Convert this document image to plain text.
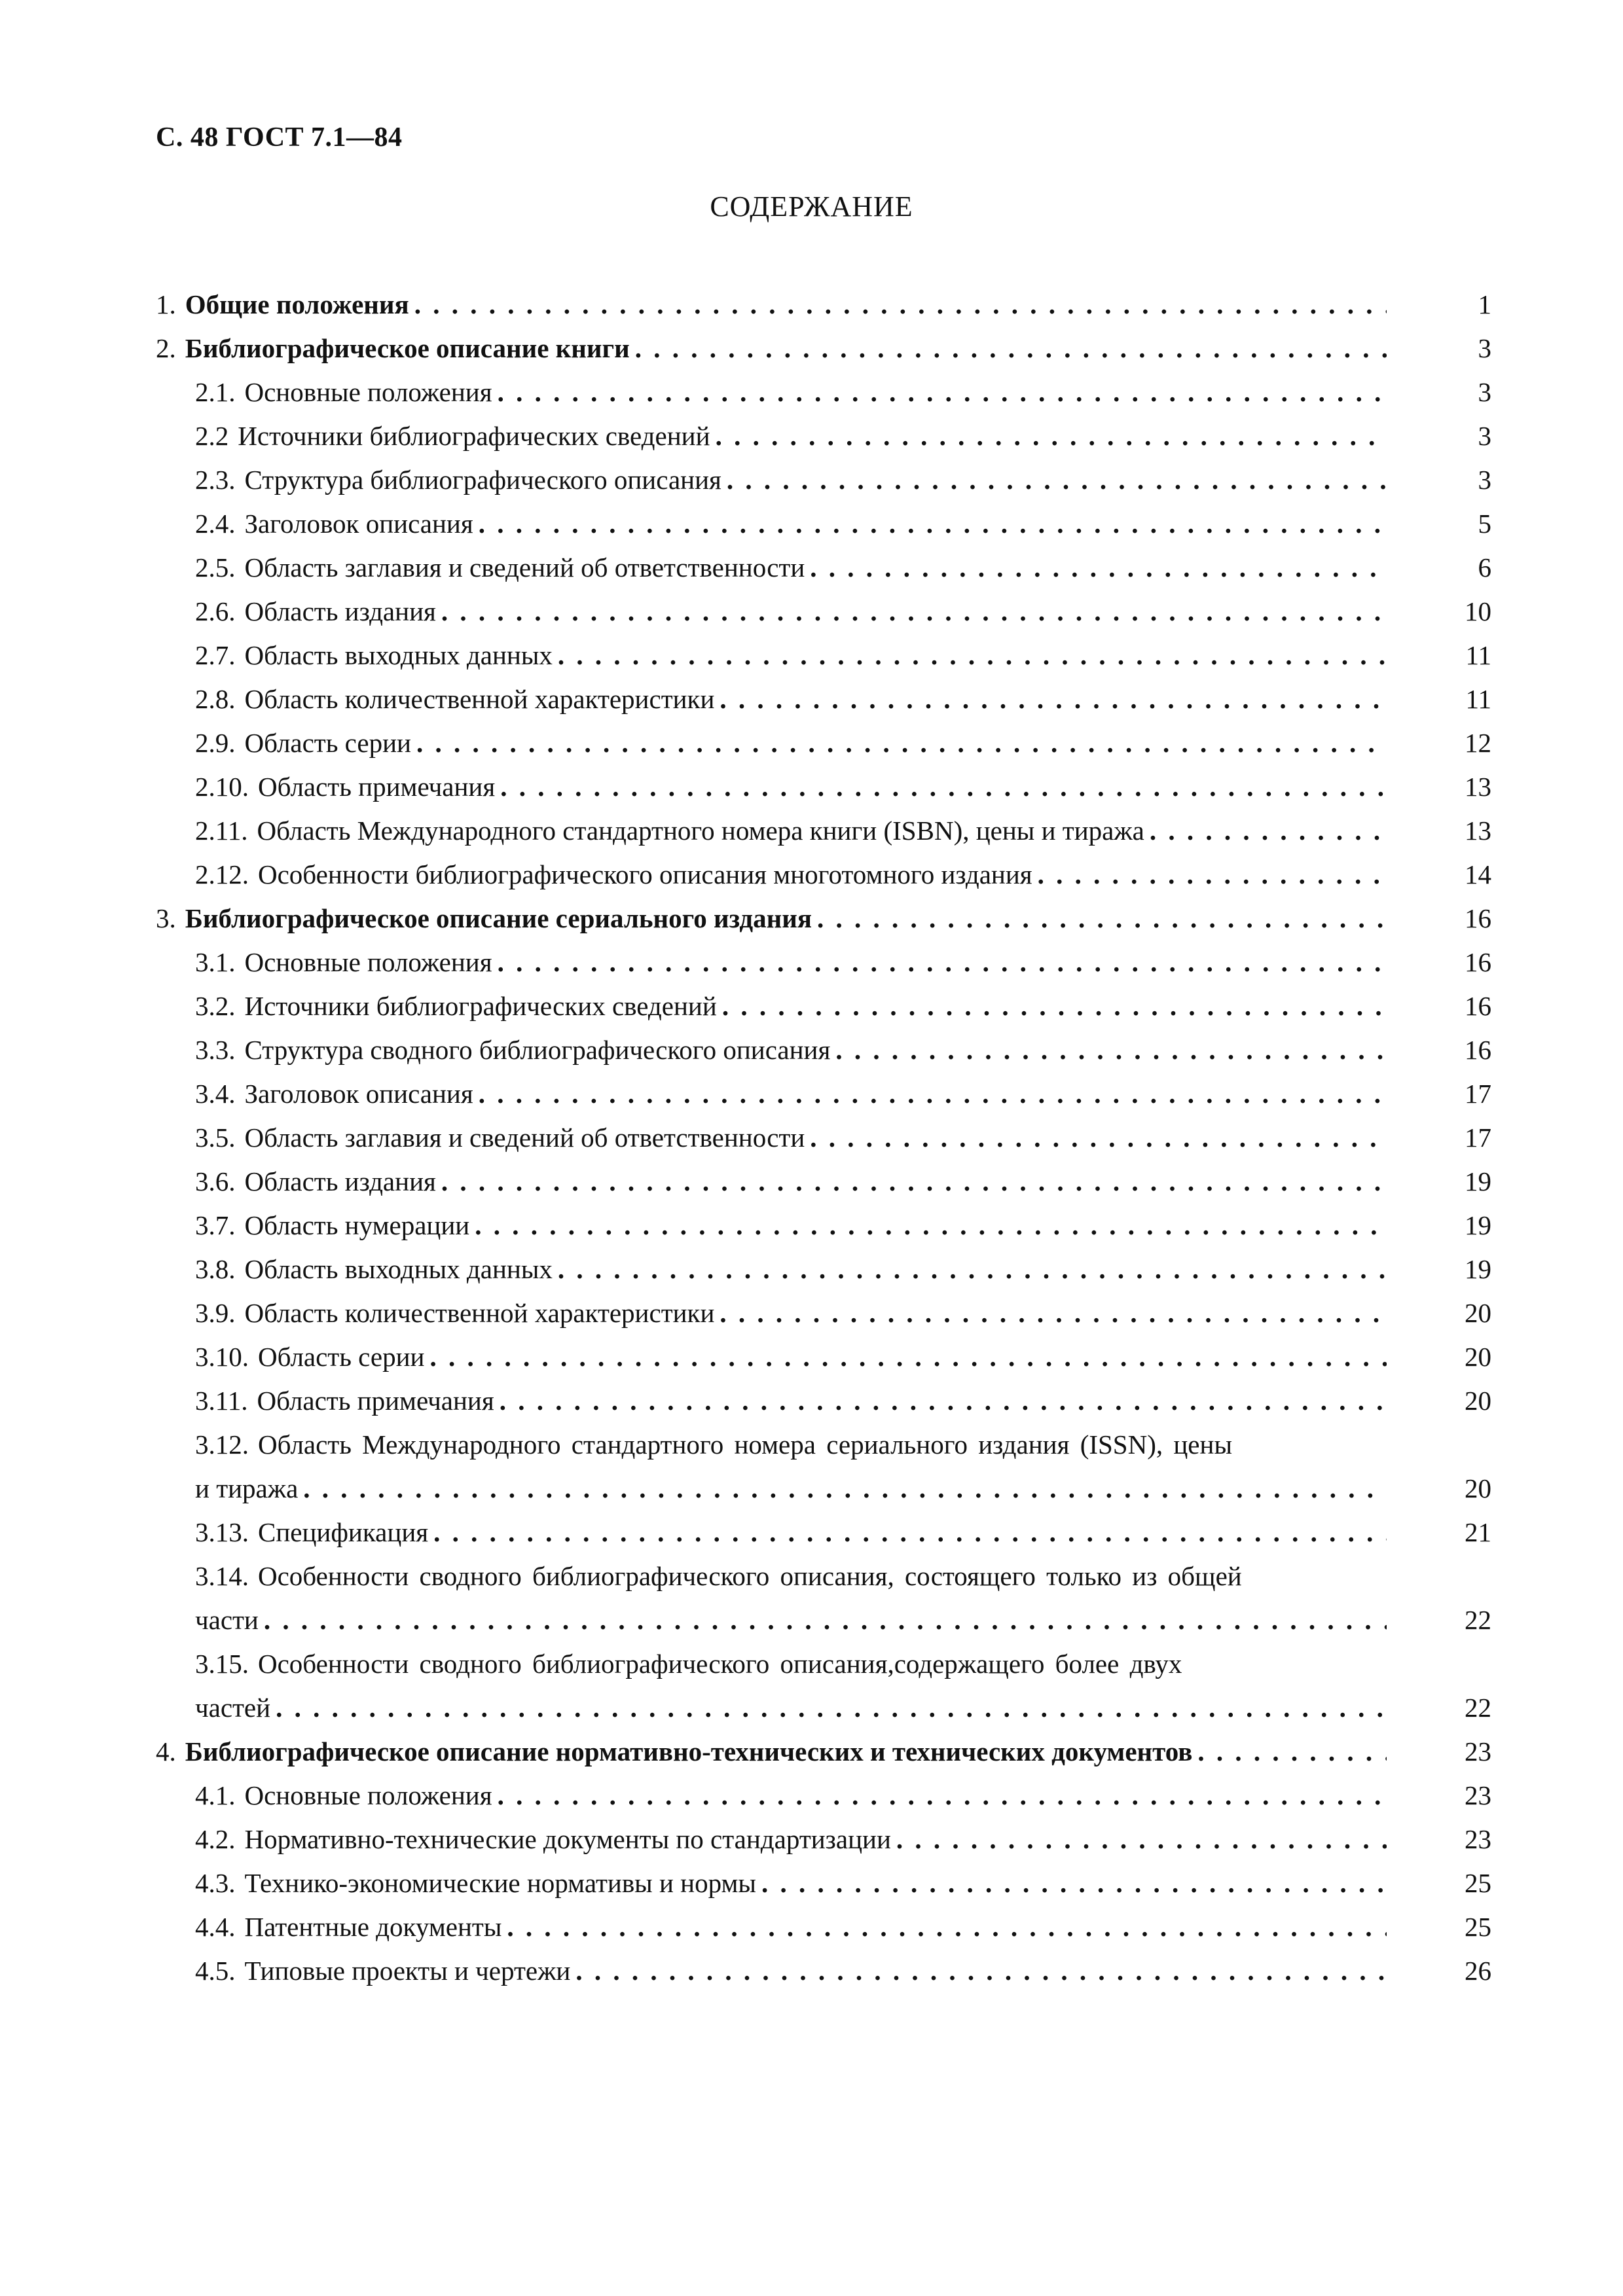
С. 48 ГОСТ 7.1—84
СОДЕРЖАНИЕ
1. Общие положения . . .	1
2. Библиографическое описание книги . . .	3
2.1. Основные положения . . .	3
2.2 Источники библиографических сведений . . .	3
2.3. Структура библиографического описания . . .	3
2.4. Заголовок описания . . .	5
2.5. Область заглавия и сведений об ответственности . . .	6
2.6. Область издания . . .	10
2.7. Область выходных данных . . .	11
2.8. Область количественной характеристики . . .	11
2.9. Область серии . . .	12
2.10. Область примечания . . .	13
2.11. Область Международного стандартного номера книги (ISBN), цены и тиража . . .	13
2.12. Особенности библиографического описания многотомного издания . . .	14
3. Библиографическое описание сериального издания . . .	16
3.1. Основные положения . . .	16
3.2. Источники библиографических сведений . . .	16
3.3. Структура сводного библиографического описания . . .	16
3.4. Заголовок описания . . .	17
3.5. Область заглавия и сведений об ответственности . . .	17
3.6. Область издания . . .	19
3.7. Область нумерации . . .	19
3.8. Область выходных данных . . .	19
3.9. Область количественной характеристики . . .	20
3.10. Область серии . . .	20
3.11. Область примечания . . .	20
3.12. Область Международного стандартного номера сериального издания (ISSN), цены
и тиража . . .	20
3.13. Спецификация . . .	21
3.14. Особенности сводного библиографического описания, состоящего только из общей
части . . .	22
3.15. Особенности сводного библиографического описания,содержащего более двух
частей . . .	22
4. Библиографическое описание нормативно-технических и технических документов . . .	23
4.1. Основные положения . . .	23
4.2. Нормативно-технические документы по стандартизации . . .	23
4.3. Технико-экономические нормативы и нормы . . .	25
4.4. Патентные документы . . .	25
4.5. Типовые проекты и чертежи . . .	26
